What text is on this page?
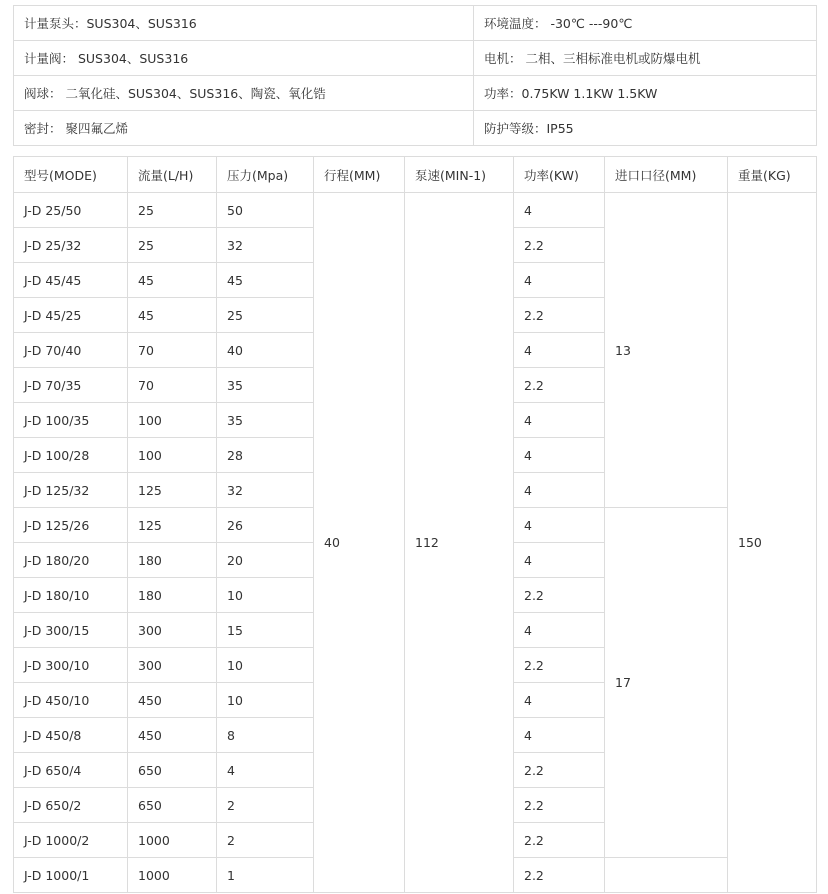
计量泵头：SUS304、SUS316	环境温度： -30℃ ---90℃
计量阀： SUS304、SUS316	电机： 二相、三相标准电机或防爆电机
阀球： 二氧化硅、SUS304、SUS316、陶瓷、氧化锆	功率：0.75KW 1.1KW 1.5KW
密封： 聚四氟乙烯	防护等级：IP55
型号(MODE)	流量(L/H)	压力(Mpa)	行程(MM)	泵速(MIN-1)	功率(KW)	进口口径(MM)	重量(KG)
J-D 25/50	25	50	40	112	4	13	150
J-D 25/32	25	32			2.2		
J-D 45/45	45	45			4		
J-D 45/25	45	25			2.2		
J-D 70/40	70	40			4		
J-D 70/35	70	35			2.2		
J-D 100/35	100	35			4		
J-D 100/28	100	28			4		
J-D 125/32	125	32			4		
J-D 125/26	125	26			4	17	
J-D 180/20	180	20			4		
J-D 180/10	180	10			2.2		
J-D 300/15	300	15			4		
J-D 300/10	300	10			2.2		
J-D 450/10	450	10			4		
J-D 450/8	450	8			4		
J-D 650/4	650	4			2.2		
J-D 650/2	650	2			2.2		
J-D 1000/2	1000	2			2.2		
J-D 1000/1	1000	1			2.2		
